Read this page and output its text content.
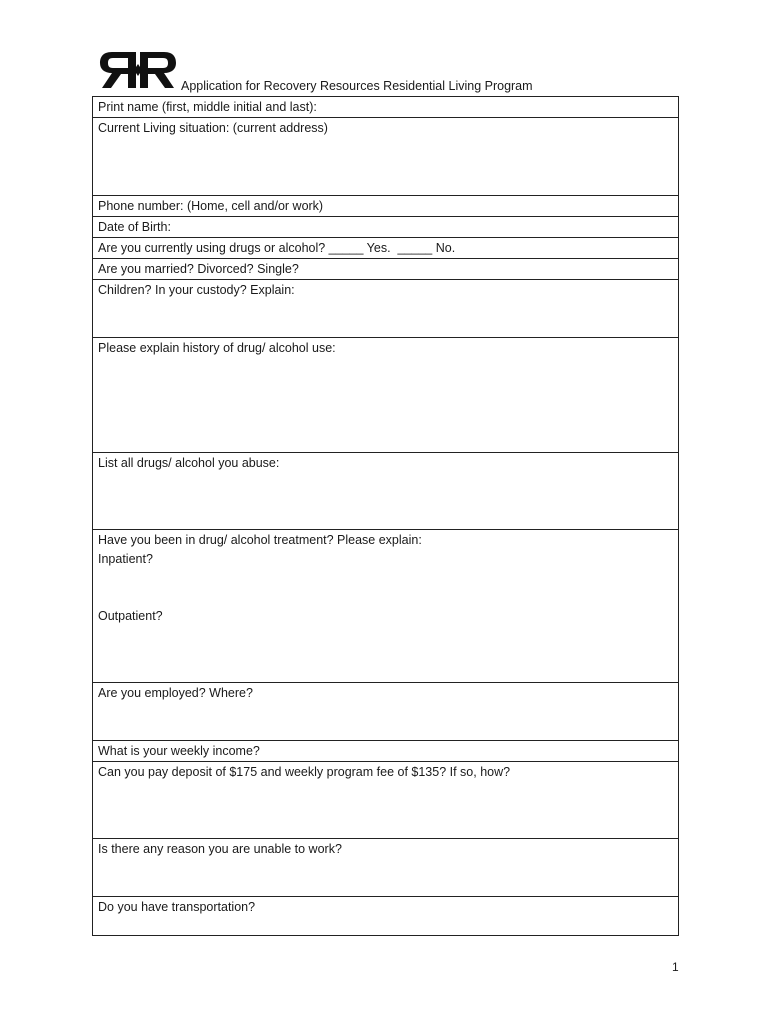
Application for Recovery Resources Residential Living Program
Print name (first, middle initial and last):
Current Living situation: (current address)
Phone number: (Home, cell and/or work)
Date of Birth:
Are you currently using drugs or alcohol? _____ Yes.  _____ No.
Are you married? Divorced? Single?
Children? In your custody? Explain:
Please explain history of drug/ alcohol use:
List all drugs/ alcohol you abuse:

Have you been in drug/ alcohol treatment? Please explain:
Inpatient?
Outpatient?

Are you employed? Where?
What is your weekly income?
Can you pay deposit of $175 and weekly program fee of $135? If so, how?
Is there any reason you are unable to work?
Do you have transportation?
1
